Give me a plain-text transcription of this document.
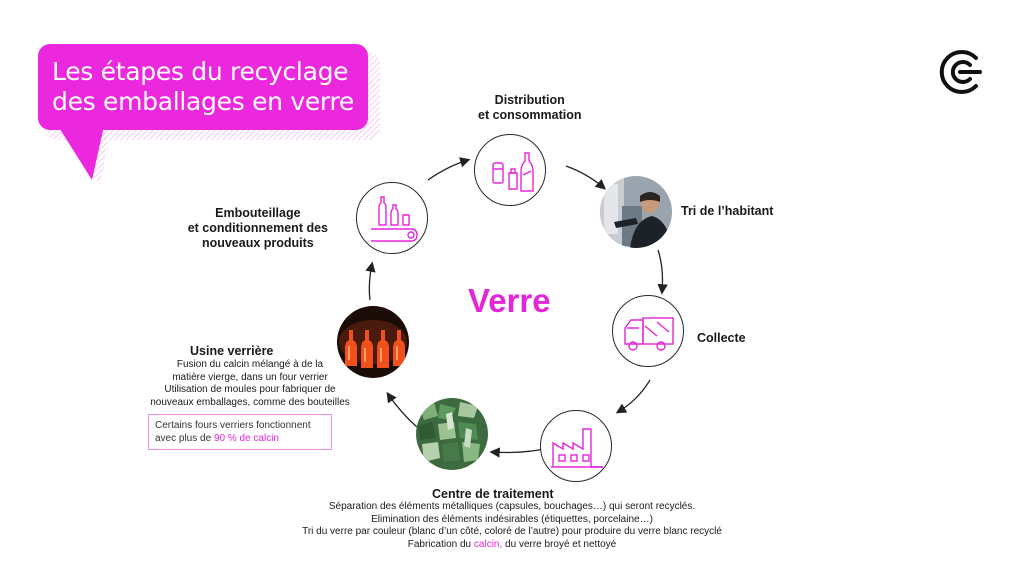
Les étapes du recyclage
des emballages en verre
Verre
Distribution
et consommation
Tri de l’habitant
Collecte
Centre de traitement
Séparation des éléments métalliques (capsules, bouchages…) qui seront recyclés.
Elimination des éléments indésirables (étiquettes, porcelaine…)
Tri du verre par couleur (blanc d’un côté, coloré de l’autre) pour produire du verre blanc recyclé
Fabrication du calcin, du verre broyé et nettoyé
Usine verrière
Fusion du calcin mélangé à de la
matière vierge, dans un four verrier
Utilisation de moules pour fabriquer de
nouveaux emballages, comme des bouteilles
Certains fours verriers fonctionnent
avec plus de 90 % de calcin
Embouteillage
et conditionnement des
nouveaux produits
